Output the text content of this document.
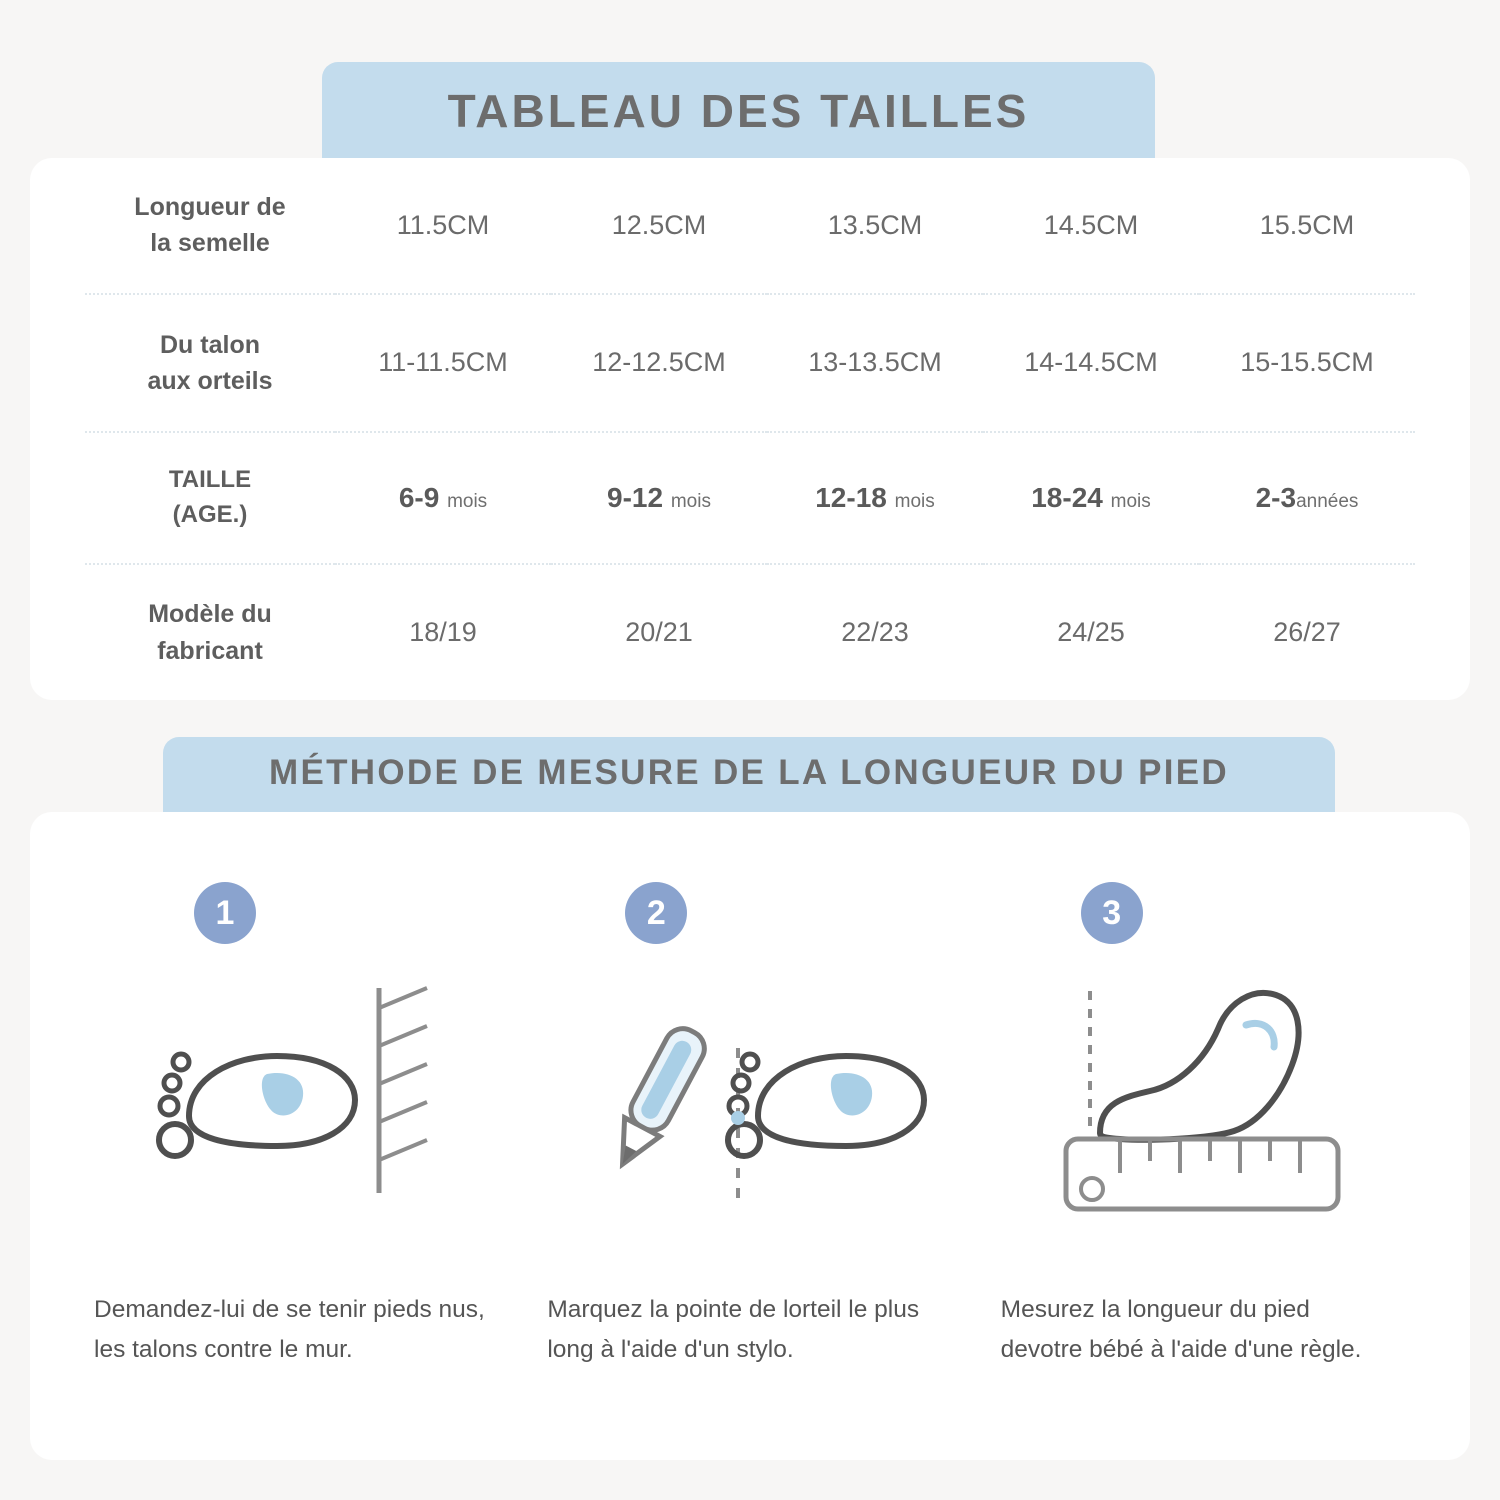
TABLEAU DES TAILLES
Longueur de
la semelle	11.5CM	12.5CM	13.5CM	14.5CM	15.5CM

Du talon
aux orteils	11-11.5CM	12-12.5CM	13-13.5CM	14-14.5CM	15-15.5CM

TAILLE
(AGE.)	6-9 mois	9-12 mois	12-18 mois	18-24 mois	2-3années

Modèle du
fabricant	18/19	20/21	22/23	24/25	26/27
MÉTHODE DE MESURE DE LA LONGUEUR DU PIED
1
Demandez-lui de se tenir pieds nus,
les talons contre le mur.
2
Marquez la pointe de lorteil le plus
long à l'aide d'un stylo.
3
Mesurez la longueur du pied
devotre bébé à l'aide d'une règle.
